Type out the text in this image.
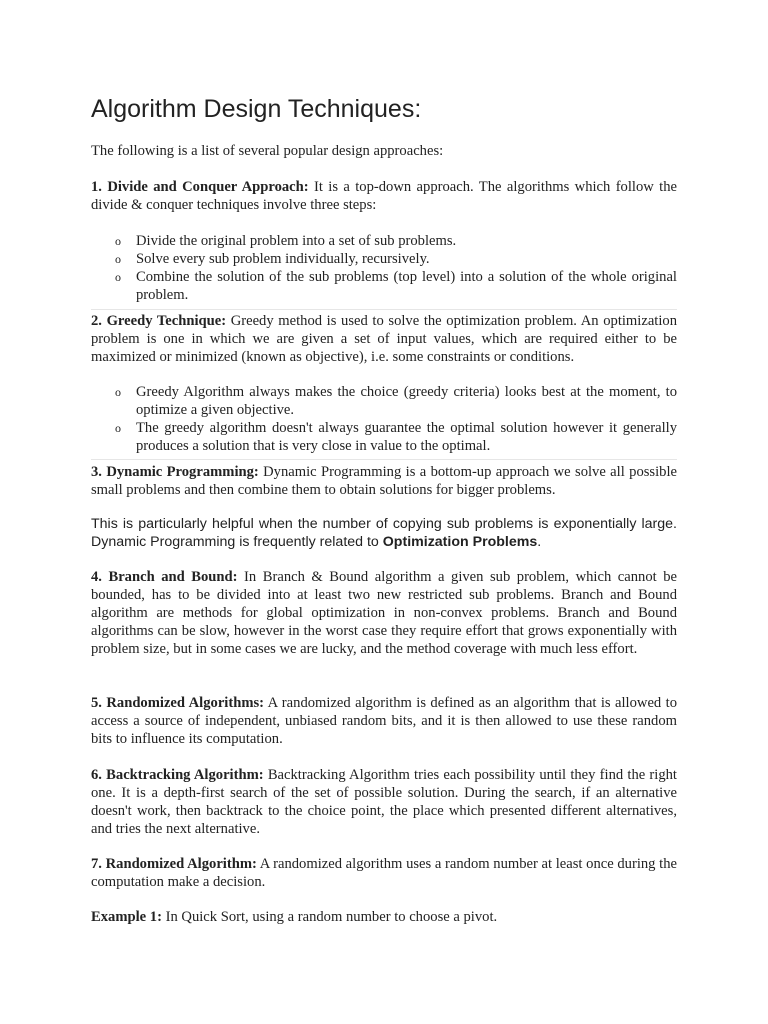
Algorithm Design Techniques:

The following is a list of several popular design approaches:

1. Divide and Conquer Approach: It is a top-down approach. The algorithms which follow the divide & conquer techniques involve three steps:

o Divide the original problem into a set of sub problems.
o Solve every sub problem individually, recursively.
o Combine the solution of the sub problems (top level) into a solution of the whole original problem.

2. Greedy Technique: Greedy method is used to solve the optimization problem. An optimization problem is one in which we are given a set of input values, which are required either to be maximized or minimized (known as objective), i.e. some constraints or conditions.

o Greedy Algorithm always makes the choice (greedy criteria) looks best at the moment, to optimize a given objective.
o The greedy algorithm doesn't always guarantee the optimal solution however it generally produces a solution that is very close in value to the optimal.

3. Dynamic Programming: Dynamic Programming is a bottom-up approach we solve all possible small problems and then combine them to obtain solutions for bigger problems.

This is particularly helpful when the number of copying sub problems is exponentially large. Dynamic Programming is frequently related to Optimization Problems.

4. Branch and Bound: In Branch & Bound algorithm a given sub problem, which cannot be bounded, has to be divided into at least two new restricted sub problems. Branch and Bound algorithm are methods for global optimization in non-convex problems. Branch and Bound algorithms can be slow, however in the worst case they require effort that grows exponentially with problem size, but in some cases we are lucky, and the method coverage with much less effort.

5. Randomized Algorithms: A randomized algorithm is defined as an algorithm that is allowed to access a source of independent, unbiased random bits, and it is then allowed to use these random bits to influence its computation.

6. Backtracking Algorithm: Backtracking Algorithm tries each possibility until they find the right one. It is a depth-first search of the set of possible solution. During the search, if an alternative doesn't work, then backtrack to the choice point, the place which presented different alternatives, and tries the next alternative.

7. Randomized Algorithm: A randomized algorithm uses a random number at least once during the computation make a decision.

Example 1: In Quick Sort, using a random number to choose a pivot.
